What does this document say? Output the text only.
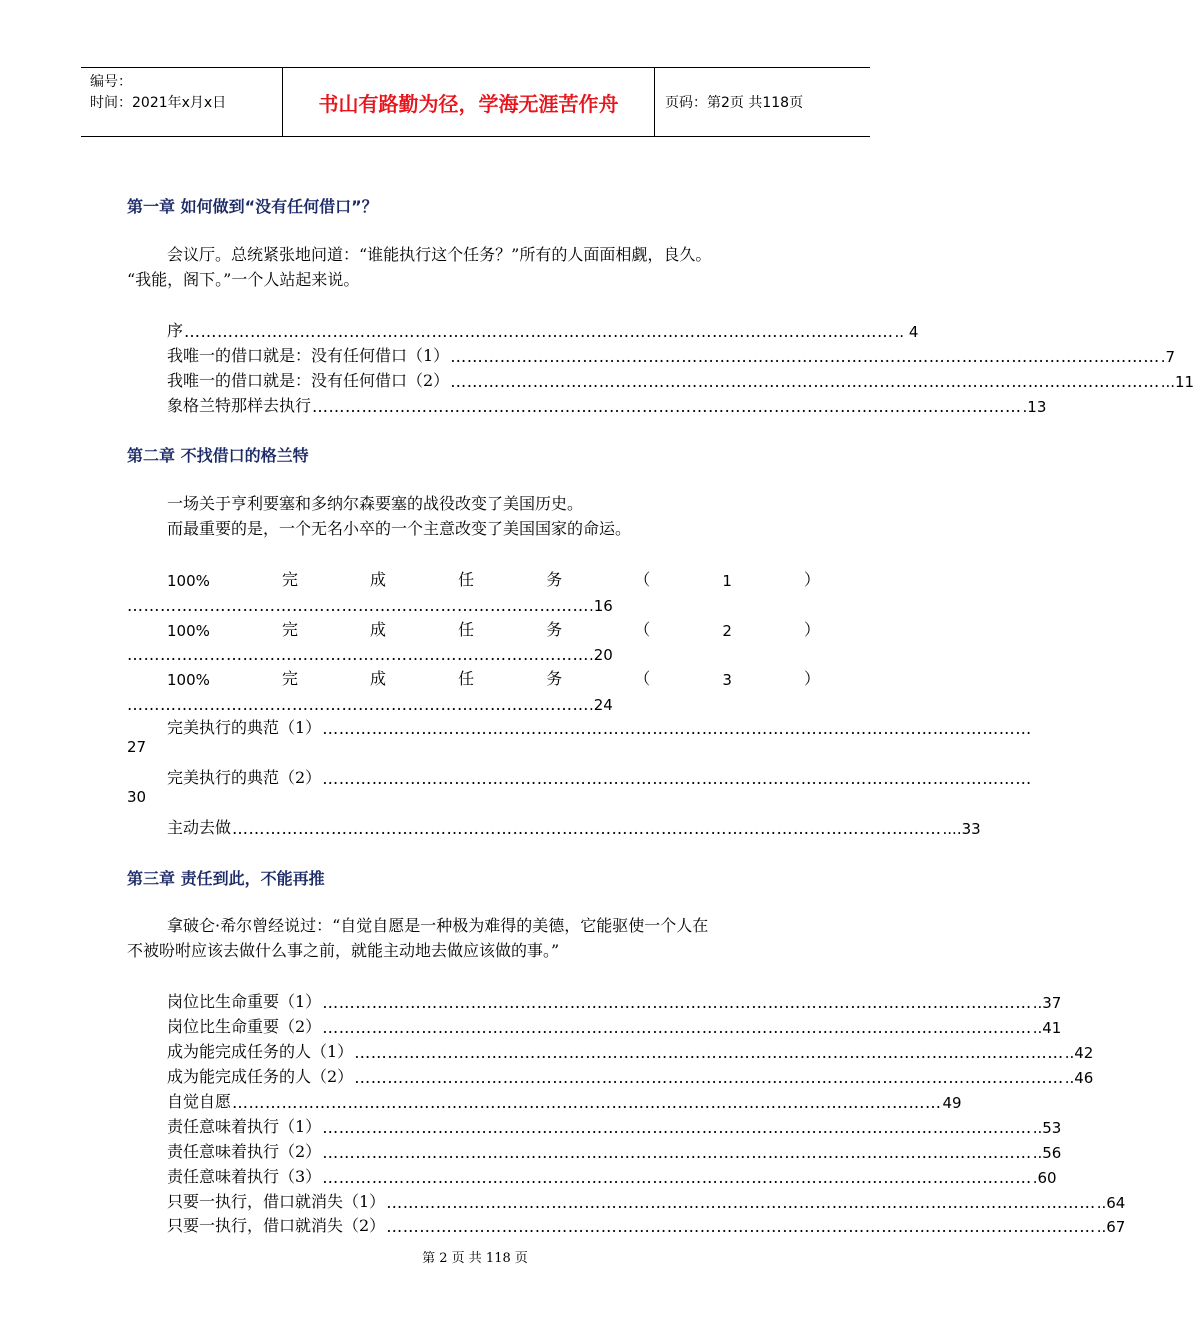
编号：
时间：2021年x月x日	书山有路勤为径，学海无涯苦作舟	页码：第2页 共118页
第一章 如何做到“没有任何借口”？
会议厅。总统紧张地问道：“谁能执行这个任务？”所有的人面面相觑，良久。
“我能，阁下。”一个人站起来说。
序 ………………………………………………………………………………………………………………… .. 4
我唯一的借口就是：没有任何借口（1） ………………………………………………………………………………………………………………… .7
我唯一的借口就是：没有任何借口（2） ………………………………………………………………………………………………………………… ...11
象格兰特那样去执行 ………………………………………………………………………………………………………………… .13
第二章 不找借口的格兰特
一场关于亨利要塞和多纳尔森要塞的战役改变了美国历史。
而最重要的是，一个无名小卒的一个主意改变了美国国家的命运。
100%	完	成	任	务	（	1	）
………………………………………………………………………… .16
100%	完	成	任	务	（	2	）
………………………………………………………………………… .20
100%	完	成	任	务	（	3	）
………………………………………………………………………… .24
完美执行的典范（1） …………………………………………………………………………………………………………………
27
完美执行的典范（2） …………………………………………………………………………………………………………………
30
主动去做 ………………………………………………………………………………………………………………… ....33
第三章 责任到此，不能再推
拿破仑·希尔曾经说过：“自觉自愿是一种极为难得的美德，它能驱使一个人在
不被吩咐应该去做什么事之前，就能主动地去做应该做的事。”
岗位比生命重要（1） ………………………………………………………………………………………………………………… ..37
岗位比生命重要（2） ………………………………………………………………………………………………………………… ..41
成为能完成任务的人（1） ………………………………………………………………………………………………………………… ..42
成为能完成任务的人（2） ………………………………………………………………………………………………………………… ..46
自觉自愿 ………………………………………………………………………………………………………………… 49
责任意味着执行（1） ………………………………………………………………………………………………………………… ..53
责任意味着执行（2） ………………………………………………………………………………………………………………… ..56
责任意味着执行（3） ………………………………………………………………………………………………………………… .60
只要一执行，借口就消失（1） ………………………………………………………………………………………………………………… ..64
只要一执行，借口就消失（2） ………………………………………………………………………………………………………………… ..67
第 2 页 共 118 页
